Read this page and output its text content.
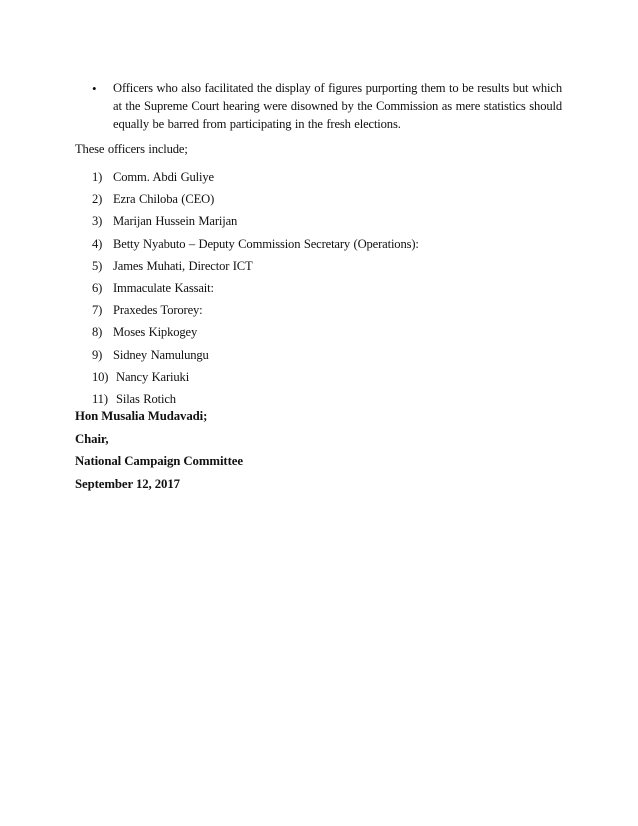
•	Officers who also facilitated the display of figures purporting them to be results but which at the Supreme Court hearing were disowned by the Commission as mere statistics should equally be barred from participating in the fresh elections.
These officers include;
1) Comm. Abdi Guliye
2) Ezra Chiloba (CEO)
3) Marijan Hussein Marijan
4) Betty Nyabuto – Deputy Commission Secretary (Operations):
5) James Muhati, Director ICT
6) Immaculate Kassait:
7) Praxedes Tororey:
8) Moses Kipkogey
9) Sidney Namulungu
10) Nancy Kariuki
11) Silas Rotich
Hon Musalia Mudavadi;
Chair,
National Campaign Committee
September 12, 2017
